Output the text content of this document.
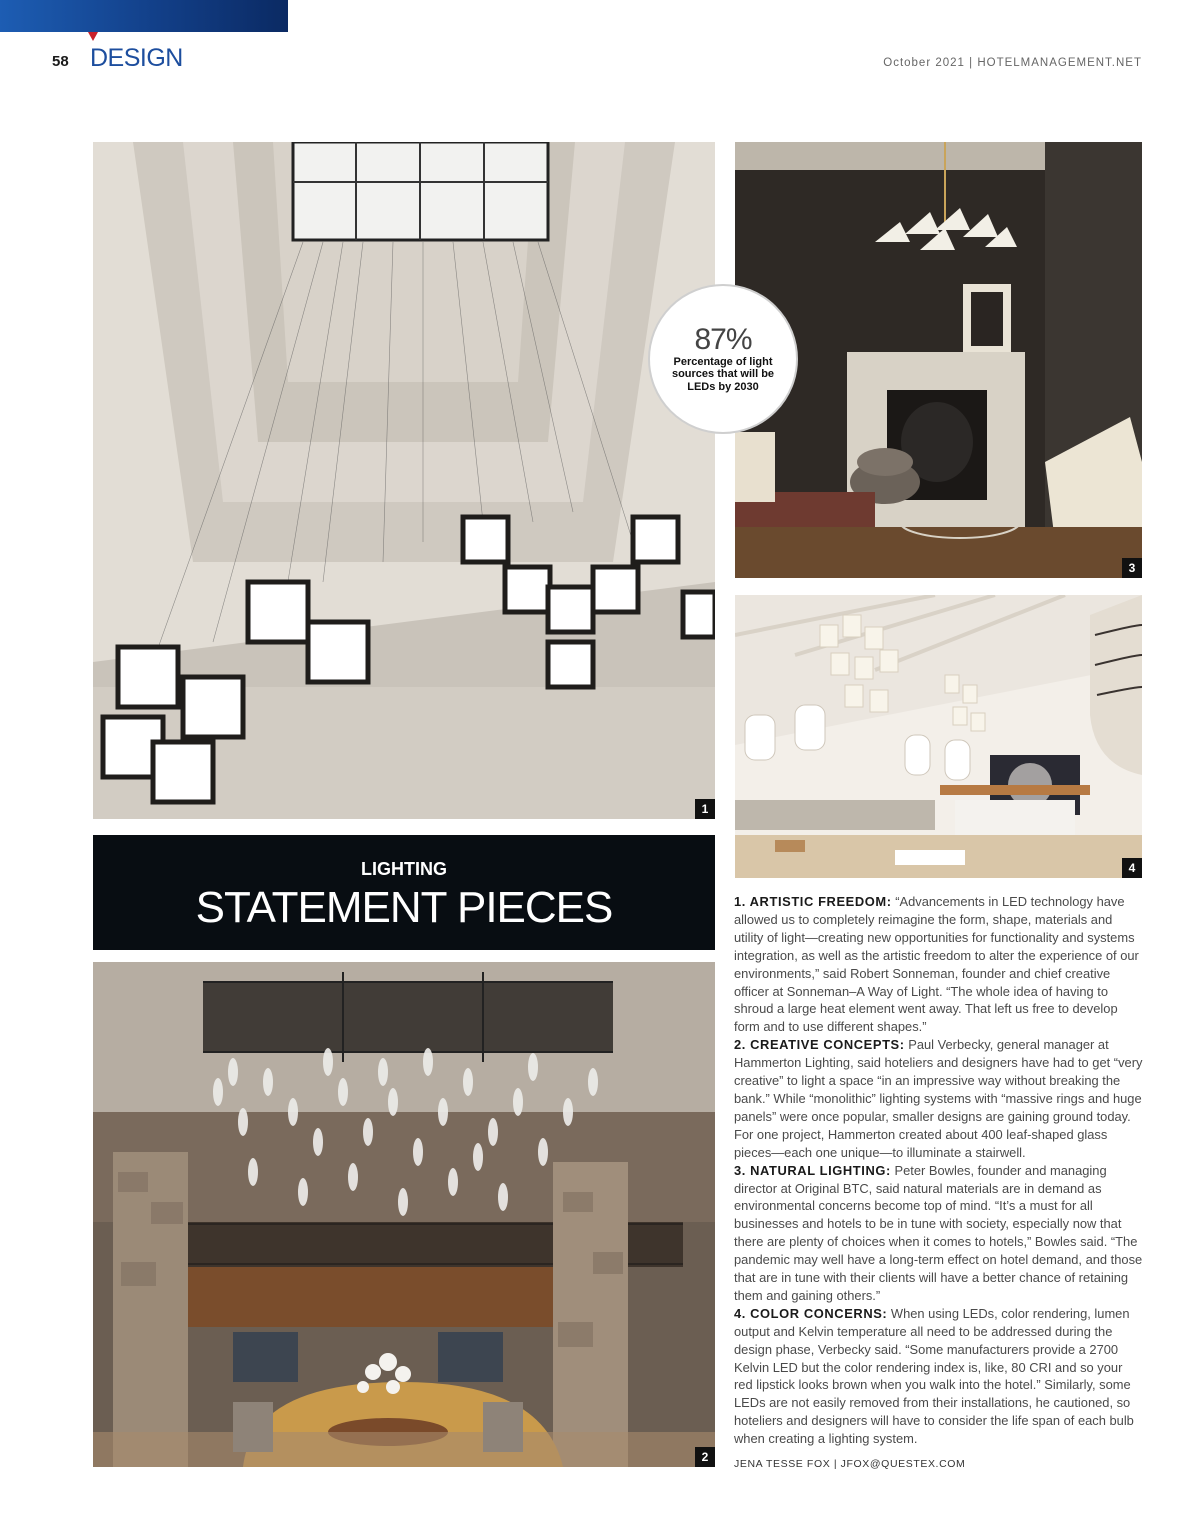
58 DESIGN	October 2021 | HOTELMANAGEMENT.NET
1
3
4
87%
Percentage of light sources that will be LEDs by 2030
LIGHTING
STATEMENT PIECES
2

1. ARTISTIC FREEDOM: “Advancements in LED technology have allowed us to completely reimagine the form, shape, materials and utility of light—creating new opportunities for functionality and systems integration, as well as the artistic freedom to alter the experience of our environments,” said Robert Sonneman, founder and chief creative officer at Sonneman–A Way of Light. “The whole idea of having to shroud a large heat element went away. That left us free to develop form and to use different shapes.”

2. CREATIVE CONCEPTS: Paul Verbecky, general manager at Hammerton Lighting, said hoteliers and designers have had to get “very creative” to light a space “in an impressive way without breaking the bank.” While “monolithic” lighting systems with “massive rings and huge panels” were once popular, smaller designs are gaining ground today. For one project, Hammerton created about 400 leaf-shaped glass pieces—each one unique—to illuminate a stairwell.

3. NATURAL LIGHTING: Peter Bowles, founder and managing director at Original BTC, said natural materials are in demand as environmental concerns become top of mind. “It’s a must for all businesses and hotels to be in tune with society, especially now that there are plenty of choices when it comes to hotels,” Bowles said. “The pandemic may well have a long-term effect on hotel demand, and those that are in tune with their clients will have a better chance of retaining them and gaining others.”

4. COLOR CONCERNS: When using LEDs, color rendering, lumen output and Kelvin temperature all need to be addressed during the design phase, Verbecky said. “Some manufacturers provide a 2700 Kelvin LED but the color rendering index is, like, 80 CRI and so your red lipstick looks brown when you walk into the hotel.” Similarly, some LEDs are not easily removed from their installations, he cautioned, so hoteliers and designers will have to consider the life span of each bulb when creating a lighting system.

JENA TESSE FOX | JFOX@QUESTEX.COM
